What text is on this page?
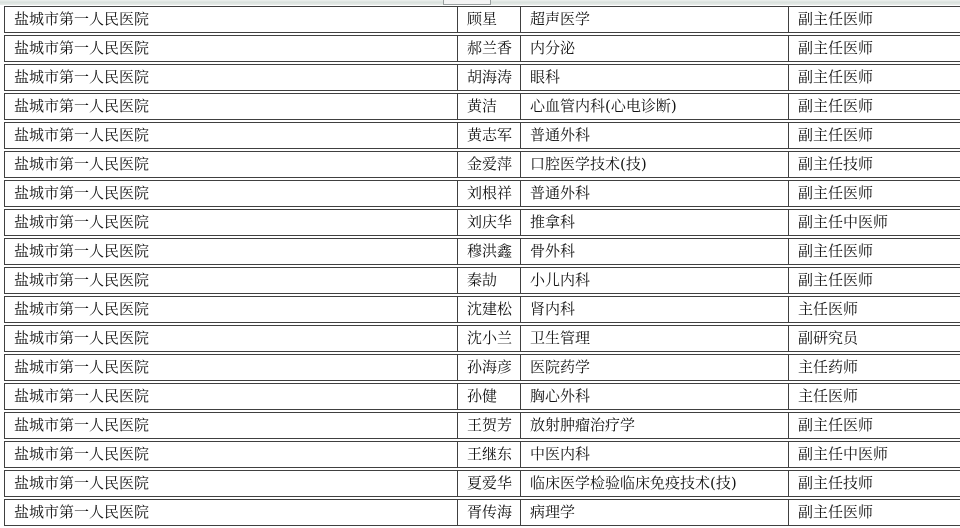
盐城市第一人民医院	顾星	超声医学	副主任医师
盐城市第一人民医院	郝兰香	内分泌	副主任医师
盐城市第一人民医院	胡海涛	眼科	副主任医师
盐城市第一人民医院	黄洁	心血管内科(心电诊断)	副主任医师
盐城市第一人民医院	黄志军	普通外科	副主任医师
盐城市第一人民医院	金爱萍	口腔医学技术(技)	副主任技师
盐城市第一人民医院	刘根祥	普通外科	副主任医师
盐城市第一人民医院	刘庆华	推拿科	副主任中医师
盐城市第一人民医院	穆洪鑫	骨外科	副主任医师
盐城市第一人民医院	秦劼	小儿内科	副主任医师
盐城市第一人民医院	沈建松	肾内科	主任医师
盐城市第一人民医院	沈小兰	卫生管理	副研究员
盐城市第一人民医院	孙海彦	医院药学	主任药师
盐城市第一人民医院	孙健	胸心外科	主任医师
盐城市第一人民医院	王贺芳	放射肿瘤治疗学	副主任医师
盐城市第一人民医院	王继东	中医内科	副主任中医师
盐城市第一人民医院	夏爱华	临床医学检验临床免疫技术(技)	副主任技师
盐城市第一人民医院	胥传海	病理学	副主任医师
